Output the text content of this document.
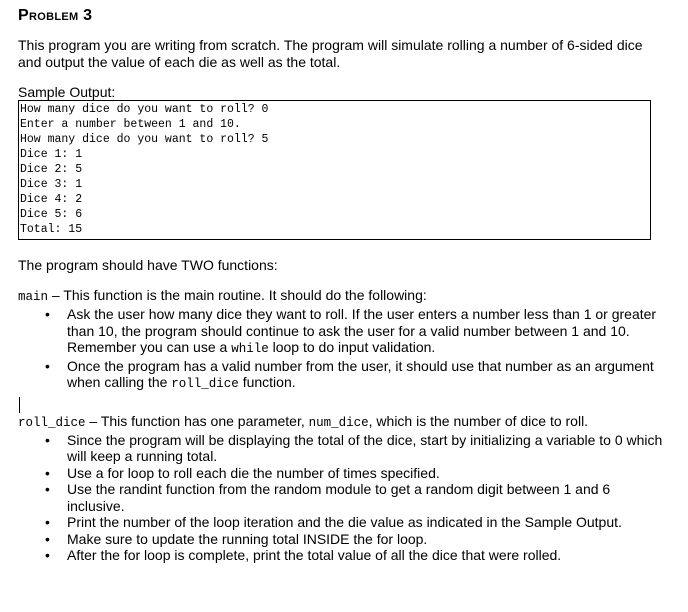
Problem 3

This program you are writing from scratch. The program will simulate rolling a number of 6-sided dice and output the value of each die as well as the total.

Sample Output:
How many dice do you want to roll? 0
Enter a number between 1 and 10.
How many dice do you want to roll? 5
Dice 1: 1
Dice 2: 5
Dice 3: 1
Dice 4: 2
Dice 5: 6
Total: 15

The program should have TWO functions:

main – This function is the main routine. It should do the following:

• Ask the user how many dice they want to roll. If the user enters a number less than 1 or greater than 10, the program should continue to ask the user for a valid number between 1 and 10. Remember you can use a while loop to do input validation.
• Once the program has a valid number from the user, it should use that number as an argument when calling the roll_dice function.

roll_dice – This function has one parameter, num_dice, which is the number of dice to roll.

• Since the program will be displaying the total of the dice, start by initializing a variable to 0 which will keep a running total.
• Use a for loop to roll each die the number of times specified.
• Use the randint function from the random module to get a random digit between 1 and 6 inclusive.
• Print the number of the loop iteration and the die value as indicated in the Sample Output.
• Make sure to update the running total INSIDE the for loop.
• After the for loop is complete, print the total value of all the dice that were rolled.
